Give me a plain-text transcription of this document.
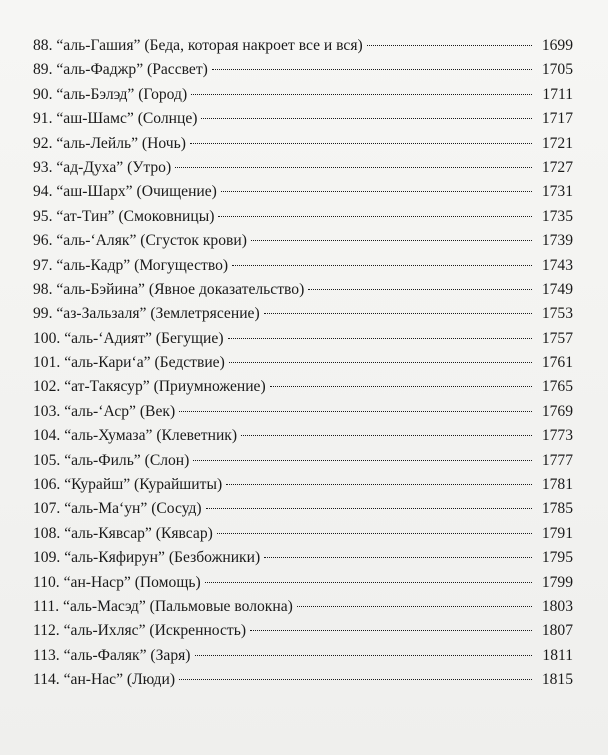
88. “аль-Гашия” (Беда, которая накроет все и вся)	1699
89. “аль-Фаджр” (Рассвет)	1705
90. “аль-Бэлэд” (Город)	1711
91. “аш-Шамс” (Солнце)	1717
92. “аль-Лейль” (Ночь)	1721
93. “ад-Духа” (Утро)	1727
94. “аш-Шарх” (Очищение)	1731
95. “ат-Тин” (Смоковницы)	1735
96. “аль-‘Аляк” (Сгусток крови)	1739
97. “аль-Кадр” (Могущество)	1743
98. “аль-Бэйина” (Явное доказательство)	1749
99. “аз-Зальзаля” (Землетрясение)	1753
100. “аль-‘Адият” (Бегущие)	1757
101. “аль-Кари‘а” (Бедствие)	1761
102. “ат-Такясур” (Приумножение)	1765
103. “аль-‘Аср” (Век)	1769
104. “аль-Хумаза” (Клеветник)	1773
105. “аль-Филь” (Слон)	1777
106. “Курайш” (Курайшиты)	1781
107. “аль-Ма‘ун” (Сосуд)	1785
108. “аль-Кявсар” (Кявсар)	1791
109. “аль-Кяфирун” (Безбожники)	1795
110. “ан-Наср” (Помощь)	1799
111. “аль-Масэд” (Пальмовые волокна)	1803
112. “аль-Ихляс” (Искренность)	1807
113. “аль-Фаляк” (Заря)	1811
114. “ан-Нас” (Люди)	1815
